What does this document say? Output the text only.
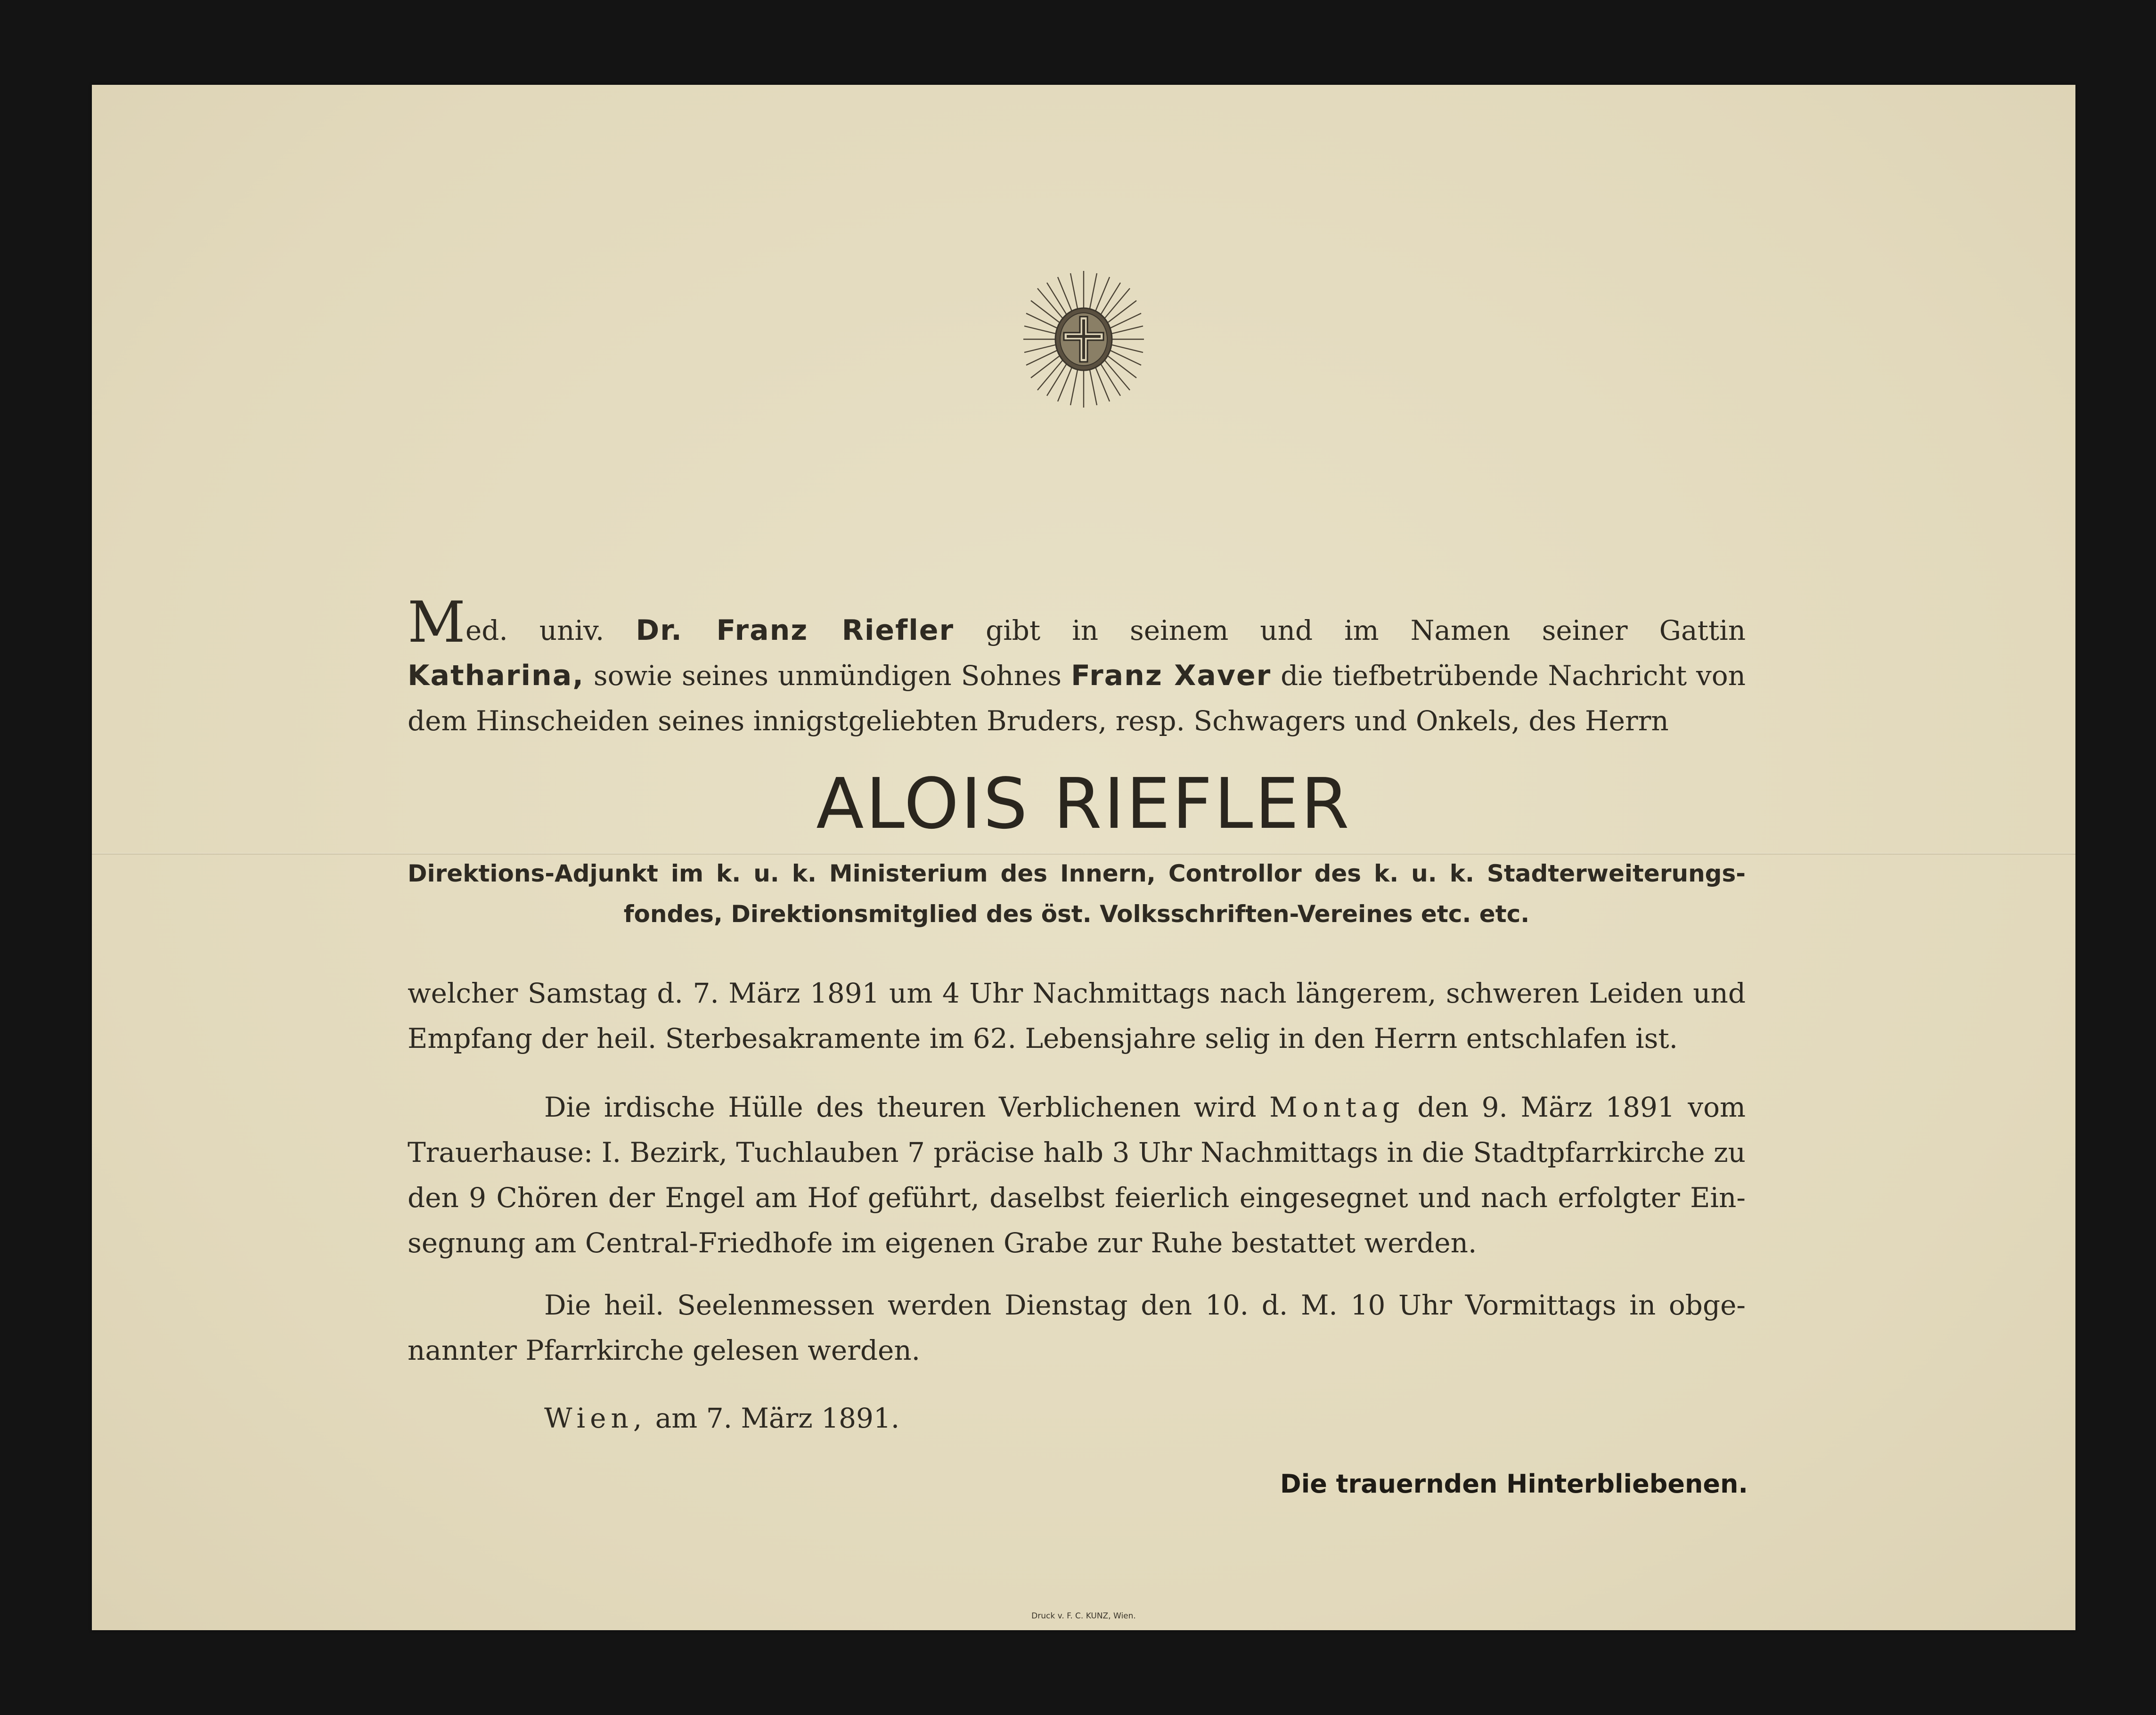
Med. univ. Dr. Franz Riefler gibt in seinem und im Namen seiner Gattin
Katharina, sowie seines unmündigen Sohnes Franz Xaver die tiefbetrübende Nachricht von
dem Hinscheiden seines innigstgeliebten Bruders, resp. Schwagers und Onkels, des Herrn
ALOIS RIEFLER
Direktions-Adjunkt im k. u. k. Ministerium des Innern, Controllor des k. u. k. Stadterweiterungs-
fondes, Direktionsmitglied des öst. Volksschriften-Vereines etc. etc.
welcher Samstag d. 7. März 1891 um 4 Uhr Nachmittags nach längerem, schweren Leiden und
Empfang der heil. Sterbesakramente im 62. Lebensjahre selig in den Herrn entschlafen ist.
Die irdische Hülle des theuren Verblichenen wird Montag den 9. März 1891 vom
Trauerhause: I. Bezirk, Tuchlauben 7 präcise halb 3 Uhr Nachmittags in die Stadtpfarrkirche zu
den 9 Chören der Engel am Hof geführt, daselbst feierlich eingesegnet und nach erfolgter Ein-
segnung am Central-Friedhofe im eigenen Grabe zur Ruhe bestattet werden.
Die heil. Seelenmessen werden Dienstag den 10. d. M. 10 Uhr Vormittags in obge-
nannter Pfarrkirche gelesen werden.
Wien, am 7. März 1891.
Die trauernden Hinterbliebenen.
Druck v. F. C. KUNZ, Wien.
